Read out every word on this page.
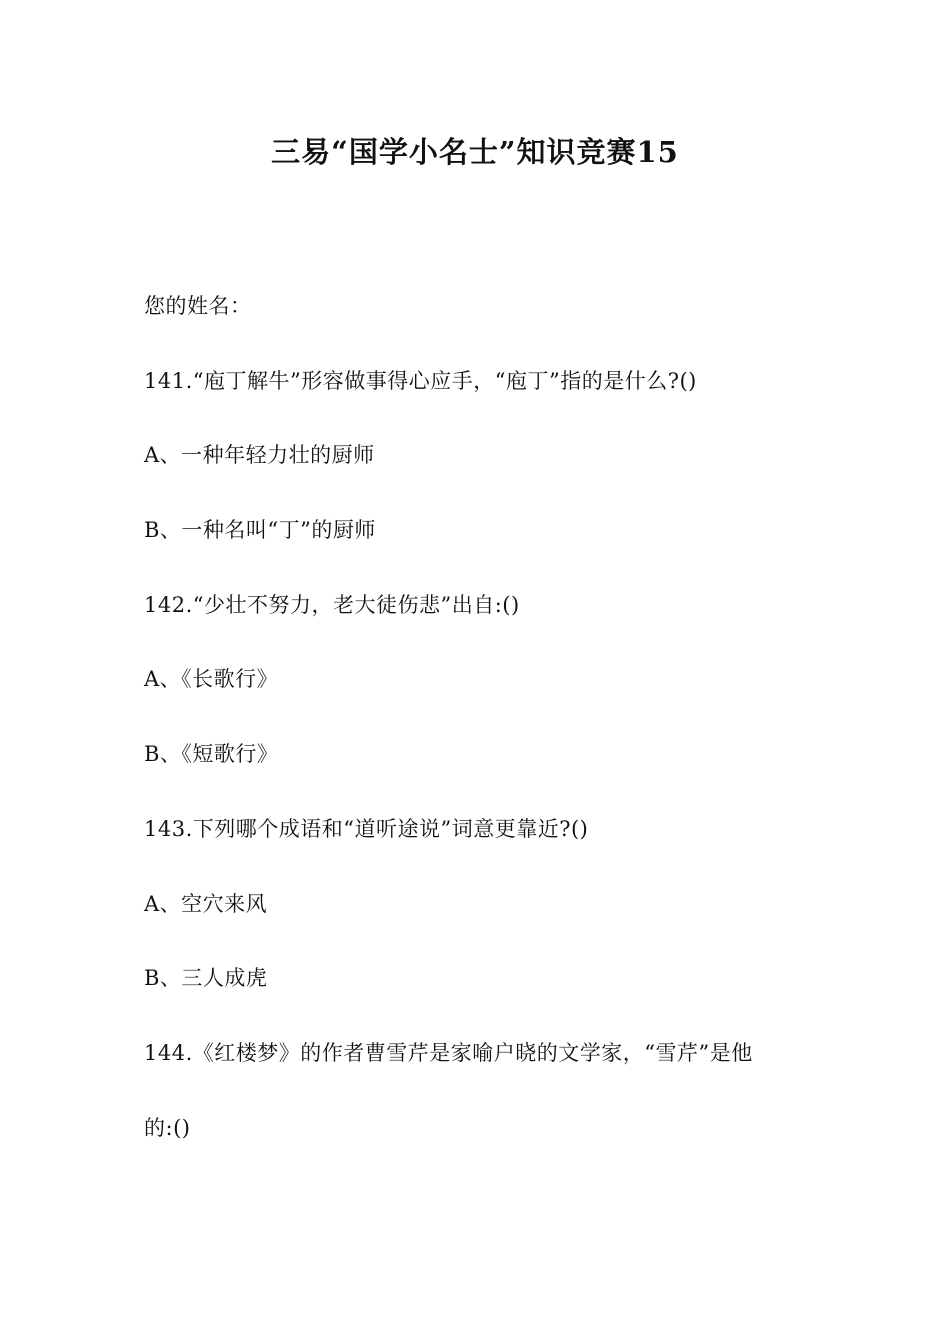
三易“国学小名士”知识竞赛15
您的姓名：
141.“庖丁解牛”形容做事得心应手，“庖丁”指的是什么?()
A、一种年轻力壮的厨师
B、一种名叫“丁”的厨师
142.“少壮不努力，老大徒伤悲”出自:()
A、《长歌行》
B、《短歌行》
143.下列哪个成语和“道听途说”词意更靠近?()
A、空穴来风
B、三人成虎
144.《红楼梦》的作者曹雪芹是家喻户晓的文学家，“雪芹”是他
的:()
